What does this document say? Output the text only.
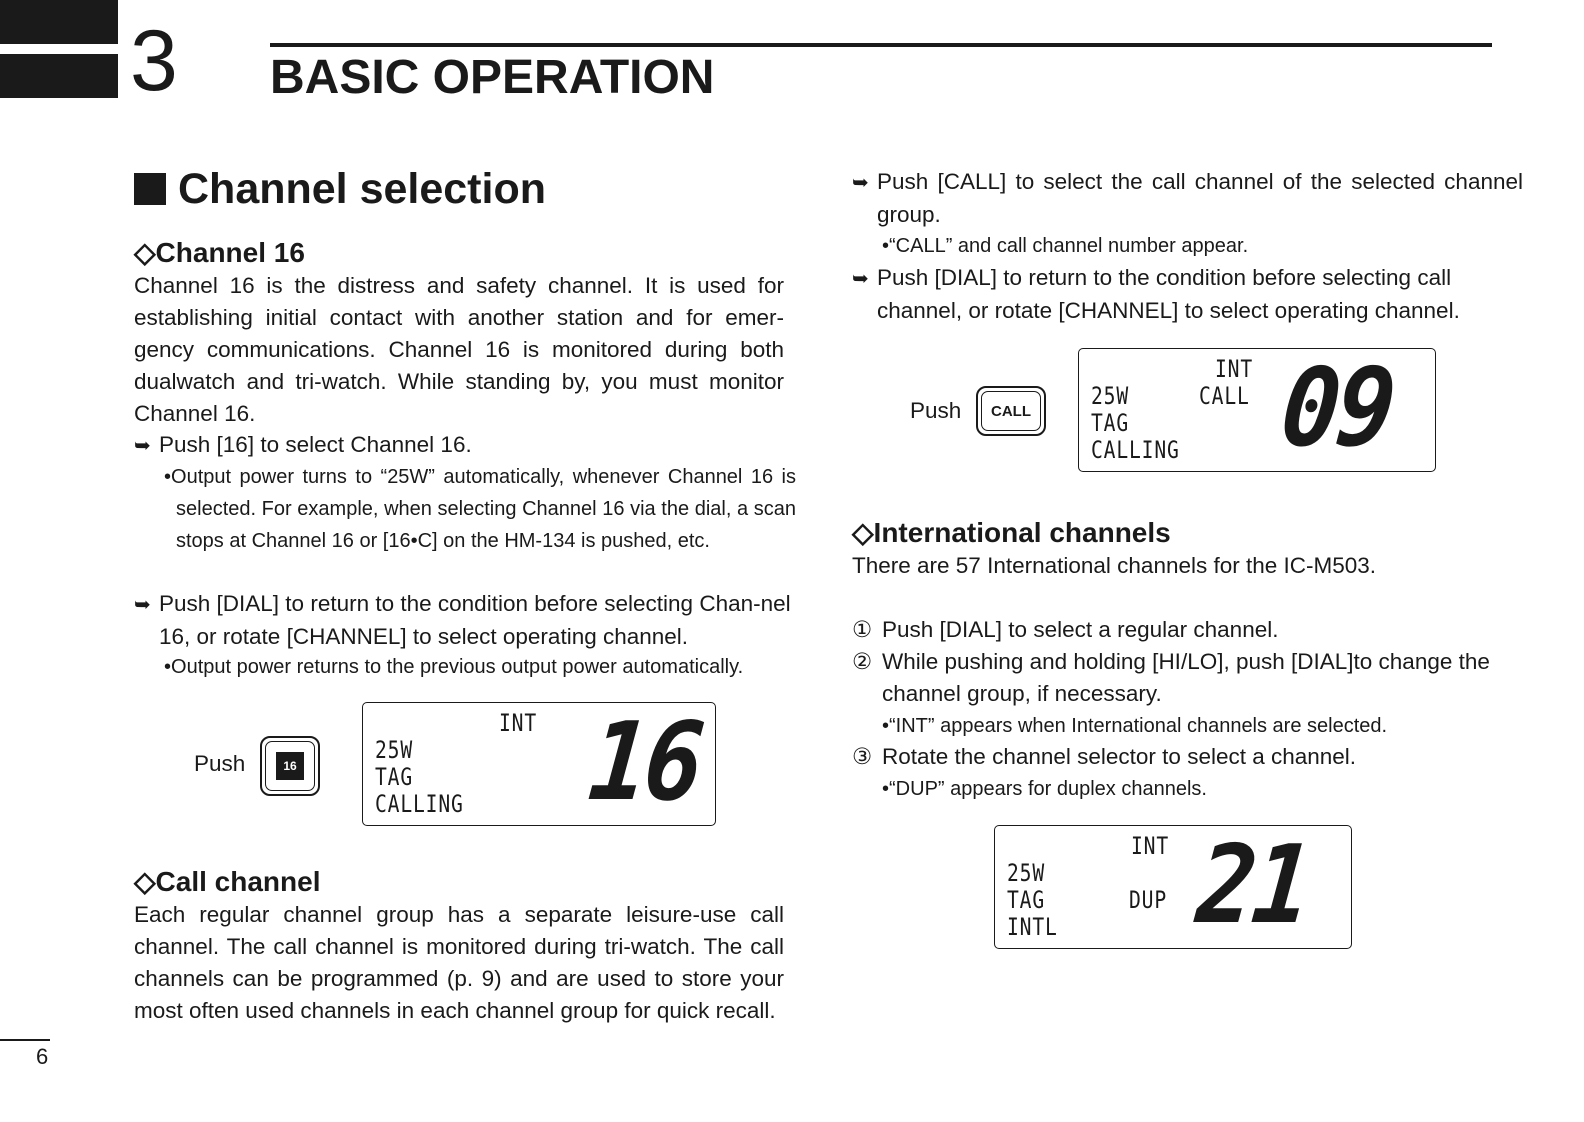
3 BASIC OPERATION
Channel selection
◇Channel 16
Channel 16 is the distress and safety channel. It is used for establishing initial contact with another station and for emer-gency communications. Channel 16 is monitored during both dualwatch and tri-watch. While standing by, you must monitor Channel 16.
➥ Push [16] to select Channel 16.
•Output power turns to “25W” automatically, whenever Channel 16 is selected. For example, when selecting Channel 16 via the dial, a scan stops at Channel 16 or [16•C] on the HM-134 is pushed, etc.
➥ Push [DIAL] to return to the condition before selecting Chan-nel 16, or rotate [CHANNEL] to select operating channel.
•Output power returns to the previous output power automatically.
Push	16
INT
25W
TAG
CALLING 16
◇Call channel
Each regular channel group has a separate leisure-use call channel. The call channel is monitored during tri-watch. The call channels can be programmed (p. 9) and are used to store your most often used channels in each channel group for quick recall.
➥ Push [CALL] to select the call channel of the selected channel group.
•“CALL” and call channel number appear.
➥ Push [DIAL] to return to the condition before selecting call channel, or rotate [CHANNEL] to select operating channel.
Push CALL
INT
25W	CALL
TAG
CALLING 09
◇International channels
There are 57 International channels for the IC-M503.
① Push [DIAL] to select a regular channel.
② While pushing and holding [HI/LO], push [DIAL]to change the channel group, if necessary.
•“INT” appears when International channels are selected.
③ Rotate the channel selector to select a channel.
•“DUP” appears for duplex channels.
INT
25W
TAG	DUP
INTL 21
6
